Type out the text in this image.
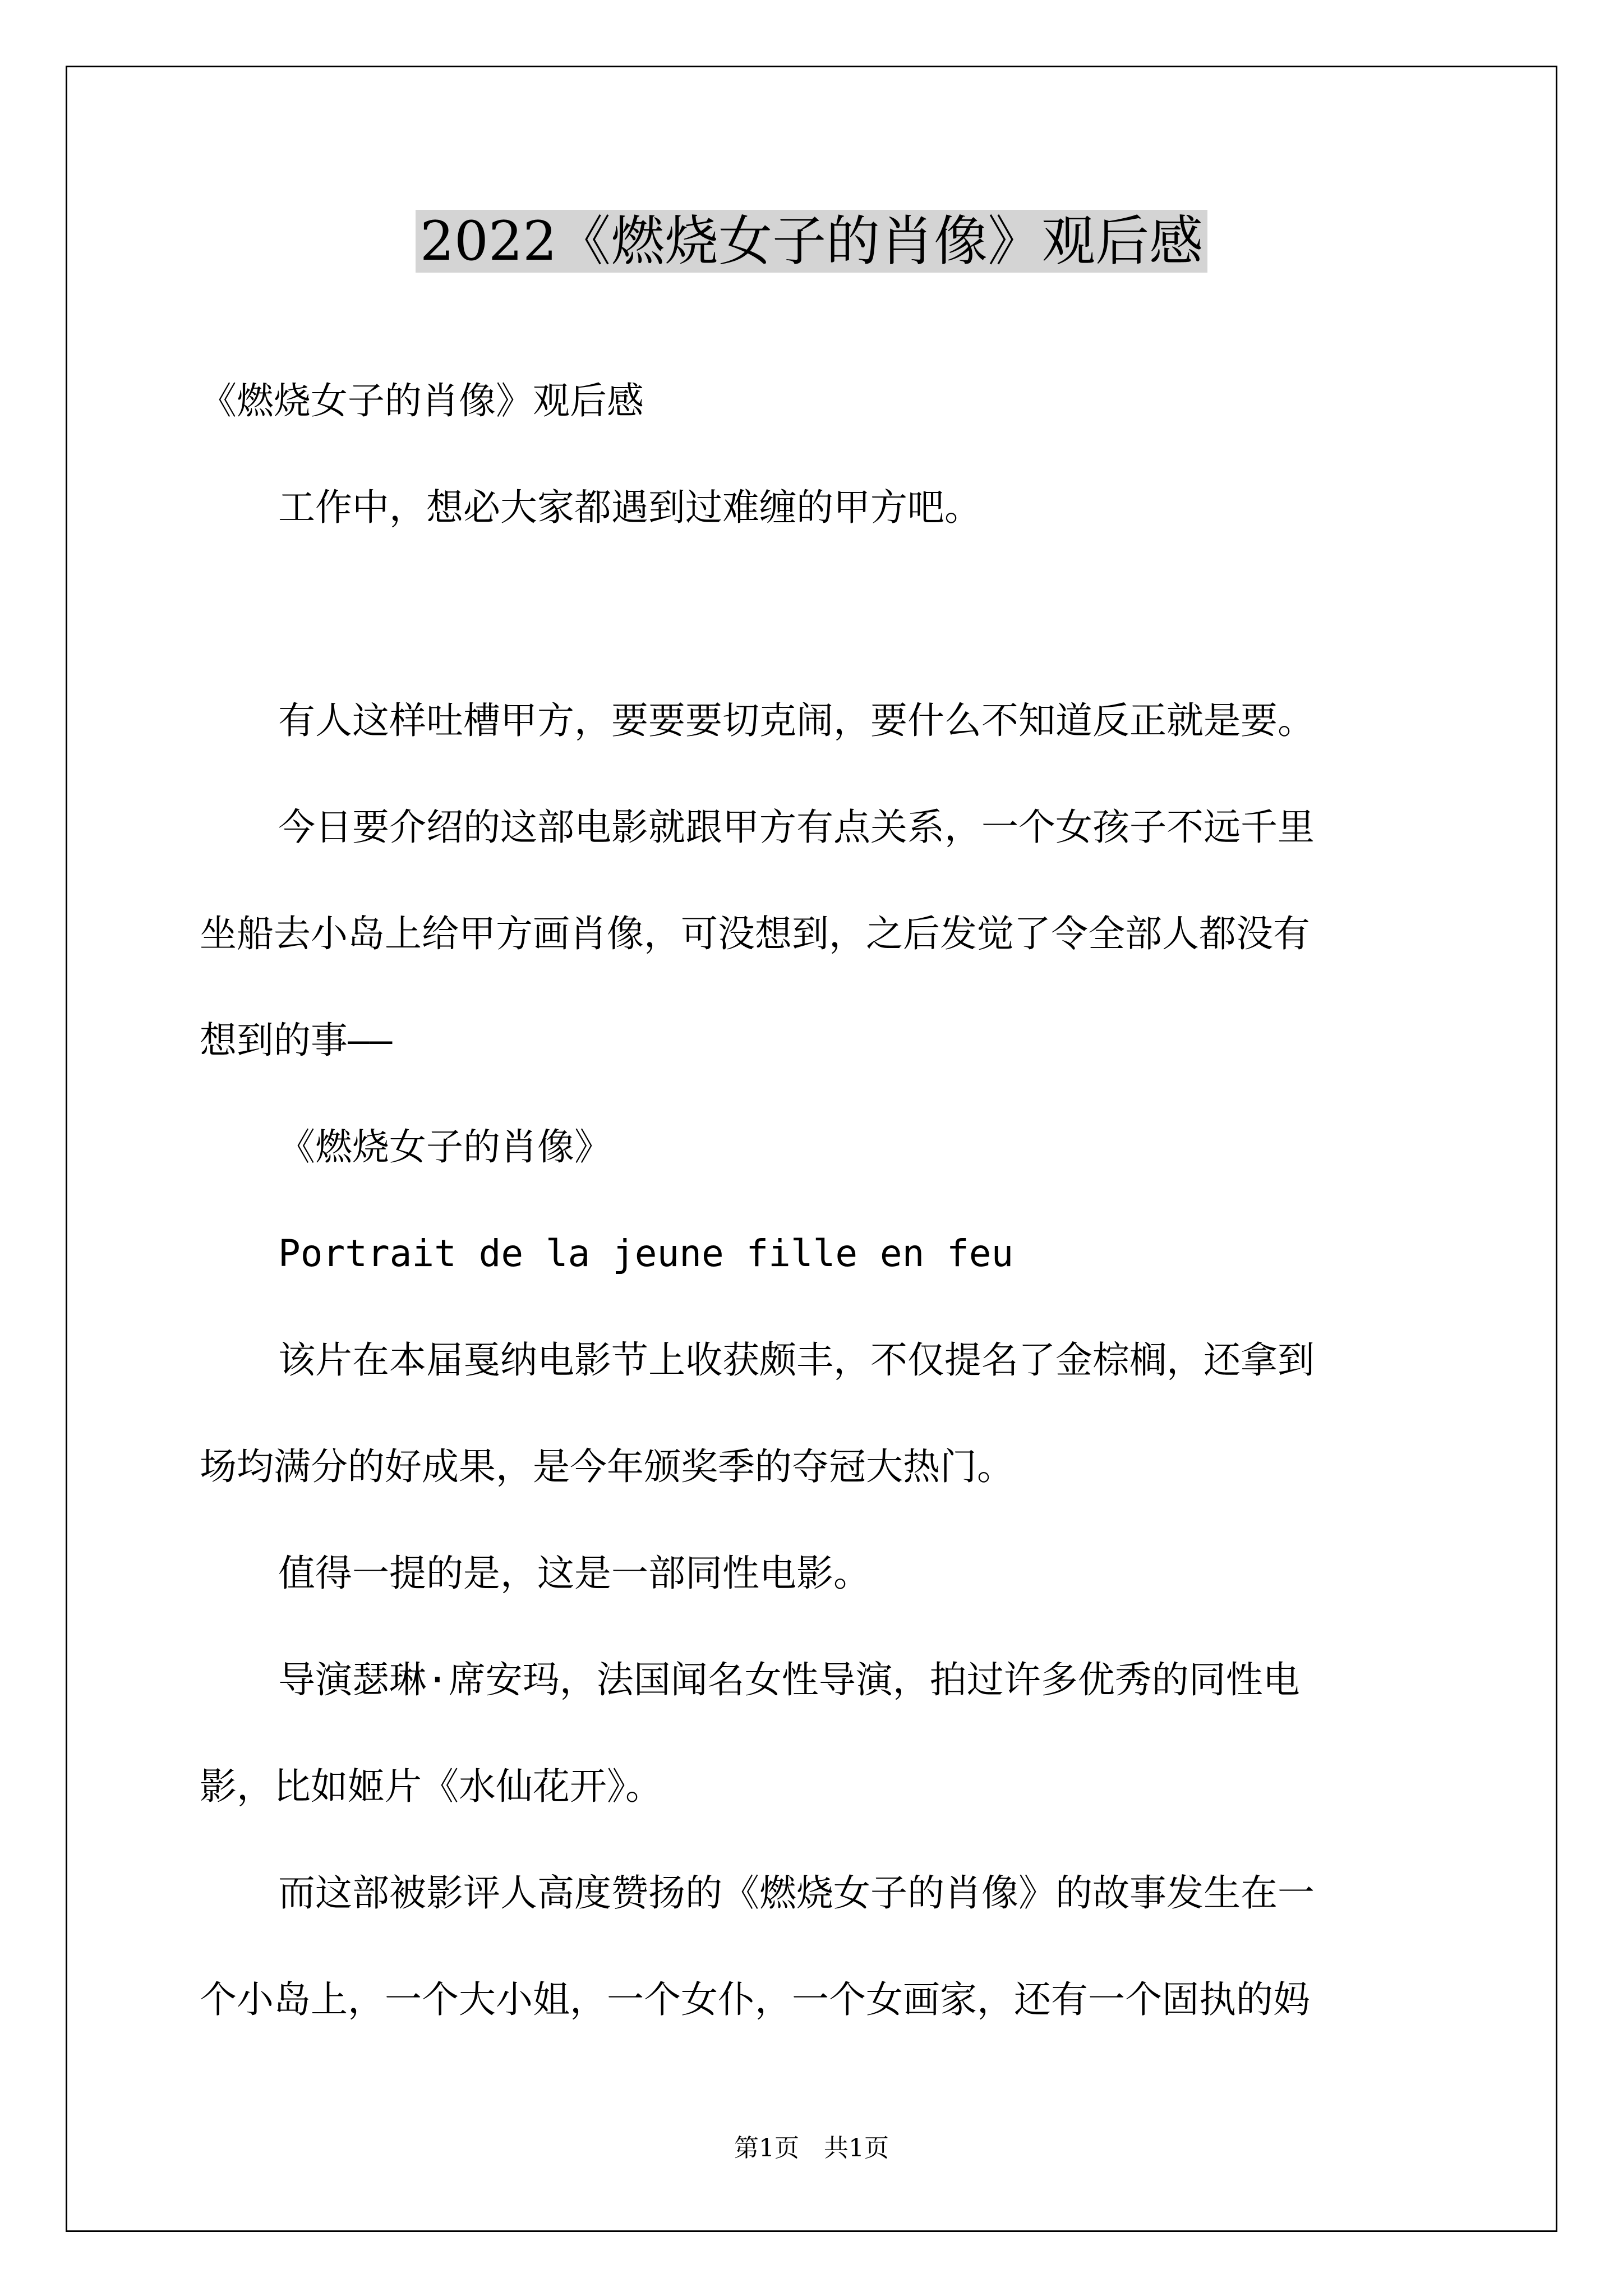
2022《燃烧女子的肖像》观后感

《燃烧女子的肖像》观后感

工作中，想必大家都遇到过难缠的甲方吧。

有人这样吐槽甲方，要要要切克闹，要什么不知道反正就是要。

今日要介绍的这部电影就跟甲方有点关系，一个女孩子不远千里

坐船去小岛上给甲方画肖像，可没想到，之后发觉了令全部人都没有

想到的事——

《燃烧女子的肖像》

Portrait de la jeune fille en feu

该片在本届戛纳电影节上收获颇丰，不仅提名了金棕榈，还拿到

场均满分的好成果，是今年颁奖季的夺冠大热门。

值得一提的是，这是一部同性电影。

导演瑟琳·席安玛，法国闻名女性导演，拍过许多优秀的同性电

影，比如姬片《水仙花开》。

而这部被影评人高度赞扬的《燃烧女子的肖像》的故事发生在一

个小岛上，一个大小姐，一个女仆，一个女画家，还有一个固执的妈

第1页　共1页
